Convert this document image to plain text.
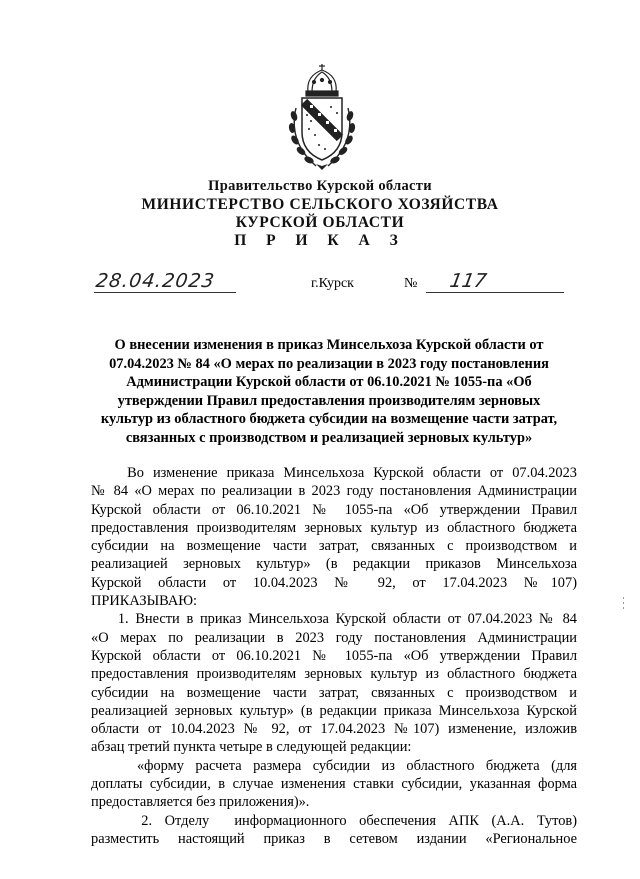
Правительство Курской области
МИНИСТЕРСТВО СЕЛЬСКОГО ХОЗЯЙСТВА
КУРСКОЙ ОБЛАСТИ
П Р И К А З
28.04.2023	г.Курск	№ 117
О внесении изменения в приказ Минсельхоза Курской области от
07.04.2023 № 84 «О мерах по реализации в 2023 году постановления
Администрации Курской области от 06.10.2021 № 1055-па «Об
утверждении Правил предоставления производителям зерновых
культур из областного бюджета субсидии на возмещение части затрат,
связанных с производством и реализацией зерновых культур»
Во изменение приказа Минсельхоза Курской области от 07.04.2023
№ 84 «О мерах по реализации в 2023 году постановления Администрации
Курской области от 06.10.2021 № 1055-па «Об утверждении Правил
предоставления производителям зерновых культур из областного бюджета
субсидии на возмещение части затрат, связанных с производством и
реализацией зерновых культур» (в редакции приказов Минсельхоза
Курской области от 10.04.2023 № 92, от 17.04.2023 №107)
ПРИКАЗЫВАЮ:
1. Внести в приказ Минсельхоза Курской области от 07.04.2023 № 84
«О мерах по реализации в 2023 году постановления Администрации
Курской области от 06.10.2021 № 1055-па «Об утверждении Правил
предоставления производителям зерновых культур из областного бюджета
субсидии на возмещение части затрат, связанных с производством и
реализацией зерновых культур» (в редакции приказа Минсельхоза Курской
области от 10.04.2023 № 92, от 17.04.2023 №107) изменение, изложив
абзац третий пункта четыре в следующей редакции:
«форму расчета размера субсидии из областного бюджета (для
доплаты субсидии, в случае изменения ставки субсидии, указанная форма
предоставляется без приложения)».
2. Отделу  информационного обеспечения АПК (А.А. Тутов)
разместить настоящий приказ в сетевом издании «Региональное
